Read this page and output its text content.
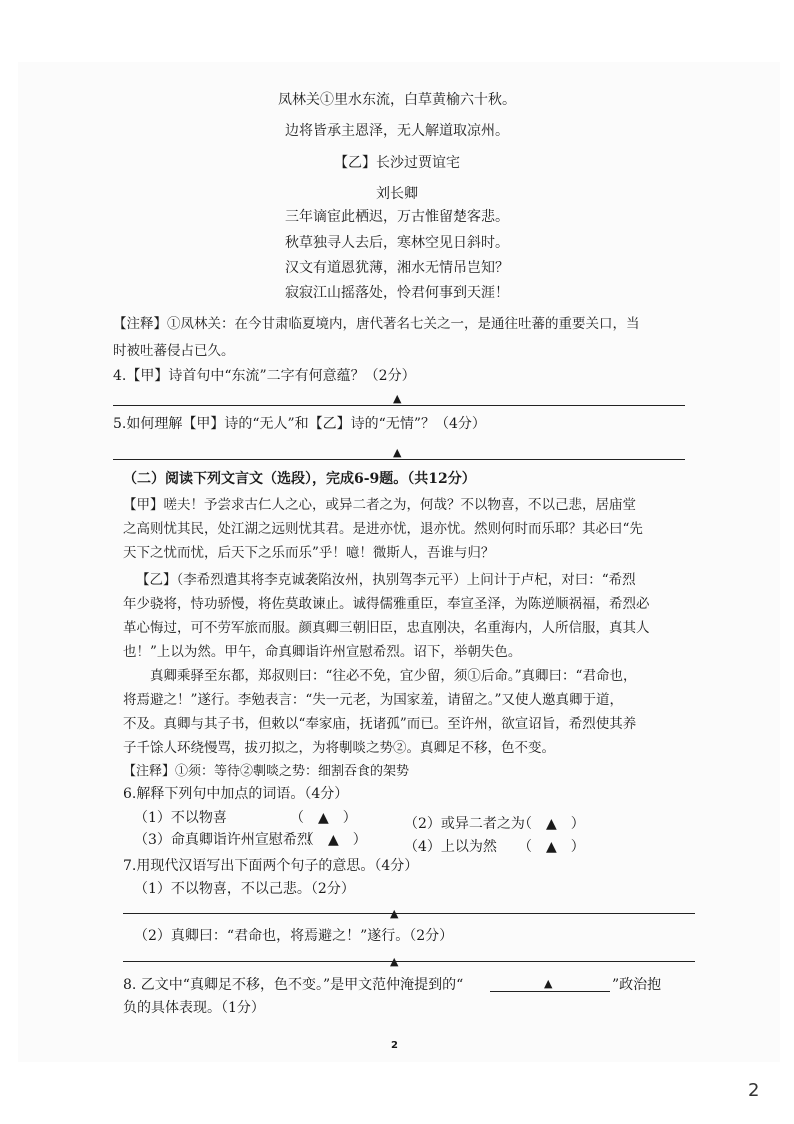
凤林关①里水东流，白草黄榆六十秋。
边将皆承主恩泽，无人解道取凉州。
【乙】长沙过贾谊宅
刘长卿
三年谪宦此栖迟，万古惟留楚客悲。
秋草独寻人去后，寒林空见日斜时。
汉文有道恩犹薄，湘水无情吊岂知？
寂寂江山摇落处，怜君何事到天涯！
【注释】①凤林关：在今甘肃临夏境内，唐代著名七关之一，是通往吐蕃的重要关口，当
时被吐蕃侵占已久。
4.【甲】诗首句中“东流”二字有何意蕴？（2分）
▲
5.如何理解【甲】诗的“无人”和【乙】诗的“无情”？（4分）
▲
（二）阅读下列文言文（选段），完成6-9题。（共12分）
【甲】嗟夫！予尝求古仁人之心，或异二者之为，何哉？不以物喜，不以己悲，居庙堂
之高则忧其民，处江湖之远则忧其君。是进亦忧，退亦忧。然则何时而乐耶？其必曰“先
天下之忧而忧，后天下之乐而乐”乎！噫！微斯人，吾谁与归？
【乙】（李希烈遣其将李克诚袭陷汝州，执别驾李元平）上问计于卢杞，对曰：“希烈
年少骁将，恃功骄慢，将佐莫敢谏止。诚得儒雅重臣，奉宣圣泽，为陈逆顺祸福，希烈必
革心悔过，可不劳军旅而服。颜真卿三朝旧臣，忠直刚决，名重海内，人所信服，真其人
也！”上以为然。甲午，命真卿诣许州宣慰希烈。诏下，举朝失色。
真卿乘驿至东都，郑叔则曰：“往必不免，宜少留，须①后命。”真卿曰：“君命也，
将焉避之！”遂行。李勉表言：“失一元老，为国家羞，请留之。”又使人邀真卿于道，
不及。真卿与其子书，但敕以“奉家庙，抚诸孤”而已。至许州，欲宣诏旨，希烈使其养
子千馀人环绕慢骂，拔刃拟之，为将剸啖之势②。真卿足不移，色不变。
【注释】①须：等待②剸啖之势：细割吞食的架势
6.解释下列句中加点的词语。（4分）
（1）不以物喜	（　▲　）	（2）或异二者之为
（　▲　）
（3）命真卿诣许州宣慰希烈
（　▲　）	（4）上以为然 （　▲　）
7.用现代汉语写出下面两个句子的意思。（4分）
（1）不以物喜，不以己悲。（2分）
▲
（2）真卿曰：“君命也，将焉避之！”遂行。（2分）
▲
8. 乙文中“真卿足不移，色不变。”是甲文范仲淹提到的“	▲	”政治抱
负的具体表现。（1分）
2
2
